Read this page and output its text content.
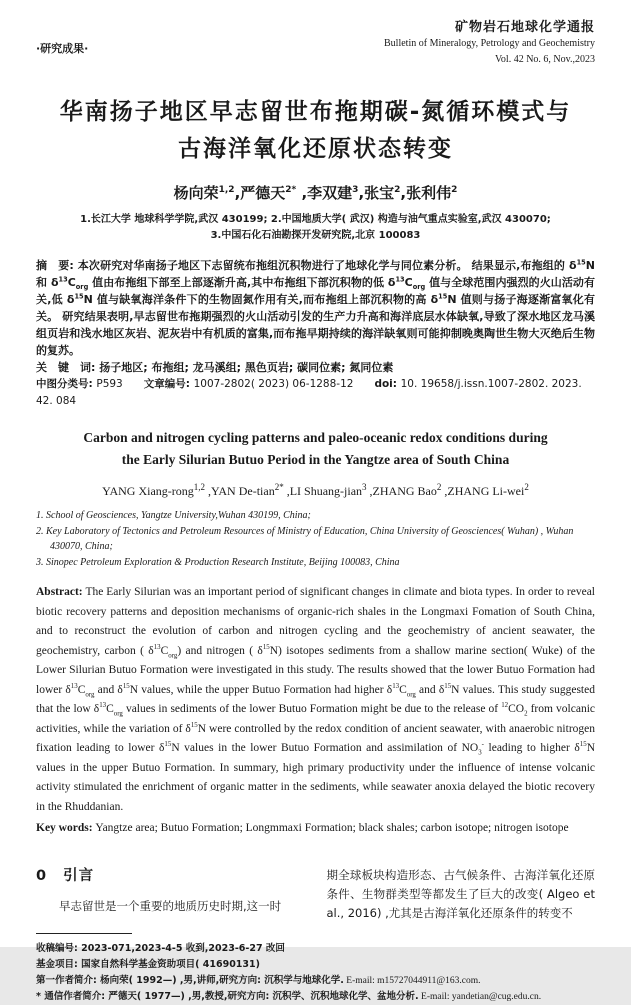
·研究成果·
矿物岩石地球化学通报
Bulletin of Mineralogy, Petrology and Geochemistry
Vol. 42 No. 6, Nov.,2023
华南扬子地区早志留世布拖期碳-氮循环模式与
古海洋氧化还原状态转变
杨向荣$^{1,2}$,严德天$^{2*}$ ,李双建$^3$,张宝$^2$,张利伟$^2$
1.长江大学 地球科学学院,武汉 430199; 2.中国地质大学( 武汉) 构造与油气重点实验室,武汉 430070;
3.中国石化石油勘探开发研究院,北京 100083
摘　要: 本次研究对华南扬子地区下志留统布拖组沉积物进行了地球化学与同位素分析。 结果显示,布拖组的 $\delta^{15}N$ 和 $\delta^{13}C_{org}$ 值由布拖组下部至上部逐渐升高,其中布拖组下部沉积物的低 $\delta^{13}C_{org}$ 值与全球范围内强烈的火山活动有关,低 $\delta^{15}N$ 值与缺氧海洋条件下的生物固氮作用有关,而布拖组上部沉积物的高 $\delta^{15}N$ 值则与扬子海逐渐富氧化有关。 研究结果表明,早志留世布拖期强烈的火山活动引发的生产力升高和海洋底层水体缺氧,导致了深水地区龙马溪组页岩和浅水地区灰岩、泥灰岩中有机质的富集,而布拖早期持续的海洋缺氧则可能抑制晚奥陶世生物大灭绝后生物的复苏。
关　键　词: 扬子地区; 布拖组; 龙马溪组; 黑色页岩; 碳同位素; 氮同位素
中图分类号: P593　　文章编号: 1007-2802( 2023) 06-1288-12　　doi: 10. 19658/j.issn.1007-2802. 2023. 42. 084
Carbon and nitrogen cycling patterns and paleo-oceanic redox conditions during
the Early Silurian Butuo Period in the Yangtze area of South China
YANG Xiang-rong$^{1,2}$ ,YAN De-tian$^{2*}$ ,LI Shuang-jian$^3$ ,ZHANG Bao$^2$ ,ZHANG Li-wei$^2$
1. School of Geosciences, Yangtze University,Wuhan 430199, China;
2. Key Laboratory of Tectonics and Petroleum Resources of Ministry of Education, China University of Geosciences( Wuhan) , Wuhan 430070, China;
3. Sinopec Petroleum Exploration & Production Research Institute, Beijing 100083, China
Abstract: The Early Silurian was an important period of significant changes in climate and biota types. In order to reveal biotic recovery patterns and deposition mechanisms of organic-rich shales in the Longmaxi Fomation of South China, and to reconstruct the evolution of carbon and nitrogen cycling and the geochemistry of ancient seawater, the geochemistry, carbon ( $\delta^{13}C_{org}$) and nitrogen ( $\delta^{15}N$) isotopes sediments from a shallow marine section( Wuke) of the Lower Silurian Butuo Formation were investigated in this study. The results showed that the lower Butuo Formation had lower $\delta^{13}C_{org}$ and $\delta^{15}N$ values, while the upper Butuo Formation had higher $\delta^{13}C_{org}$ and $\delta^{15}N$ values. This study suggested that the low $\delta^{13}C_{org}$ values in sediments of the lower Butuo Formation might be due to the release of $^{12}CO_2$ from volcanic activities, while the variation of $\delta^{15}N$ were controlled by the redox condition of ancient seawater, with anaerobic nitrogen fixation leading to lower $\delta^{15}N$ values in the lower Butuo Formation and assimilation of $NO_3^-$ leading to higher $\delta^{15}N$ values in the upper Butuo Formation. In summary, high primary productivity under the influence of intense volcanic activity stimulated the enrichment of organic matter in the sediments, while seawater anoxia delayed the biotic recovery in the Rhuddanian.
Key words: Yangtze area; Butuo Formation; Longmmaxi Formation; black shales; carbon isotope; nitrogen isotope
0 引言

早志留世是一个重要的地质历史时期,这一时

期全球板块构造形态、古气候条件、古海洋氧化还原条件、生物群类型等都发生了巨大的改变( Algeo et al., 2016) ,尤其是古海洋氧化还原条件的转变不

收稿编号: 2023-071,2023-4-5 收到,2023-6-27 改回
基金项目: 国家自然科学基金资助项目( 41690131)
第一作者简介: 杨向荣( 1992—) ,男,讲师,研究方向: 沉积学与地球化学. E-mail: m15727044911@163.com.
* 通信作者简介: 严德天( 1977—) ,男,教授,研究方向: 沉积学、沉积地球化学、盆地分析. E-mail: yandetian@cug.edu.cn.
